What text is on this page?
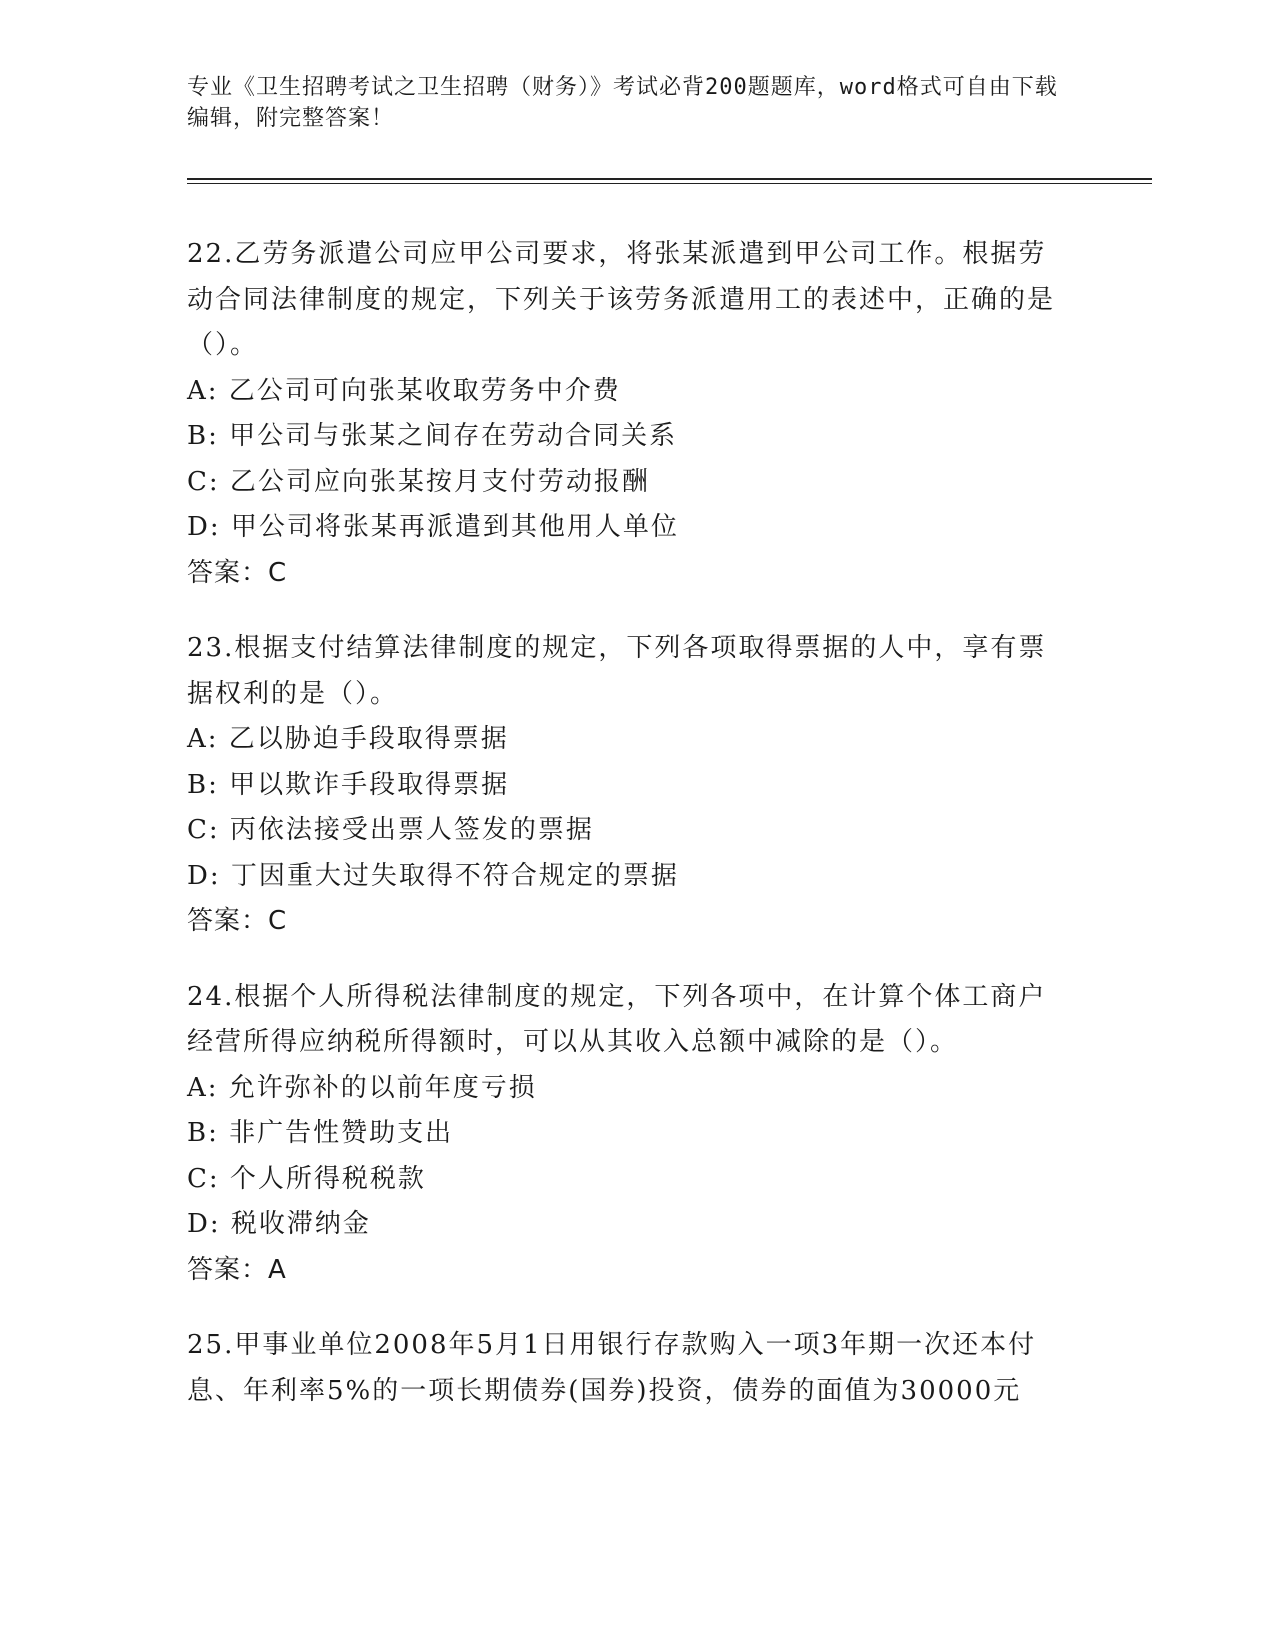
专业《卫生招聘考试之卫生招聘（财务）》考试必背200题题库，word格式可自由下载编辑，附完整答案！

22.乙劳务派遣公司应甲公司要求，将张某派遣到甲公司工作。根据劳动合同法律制度的规定，下列关于该劳务派遣用工的表述中，正确的是（）。

A: 乙公司可向张某收取劳务中介费

B: 甲公司与张某之间存在劳动合同关系

C: 乙公司应向张某按月支付劳动报酬

D: 甲公司将张某再派遣到其他用人单位

答案：C

23.根据支付结算法律制度的规定，下列各项取得票据的人中，享有票据权利的是（）。

A: 乙以胁迫手段取得票据

B: 甲以欺诈手段取得票据

C: 丙依法接受出票人签发的票据

D: 丁因重大过失取得不符合规定的票据

答案：C

24.根据个人所得税法律制度的规定，下列各项中，在计算个体工商户经营所得应纳税所得额时，可以从其收入总额中减除的是（）。

A: 允许弥补的以前年度亏损

B: 非广告性赞助支出

C: 个人所得税税款

D: 税收滞纳金

答案：A

25.甲事业单位2008年5月1日用银行存款购入一项3年期一次还本付息、年利率5%的一项长期债券(国券)投资，债券的面值为30000元
